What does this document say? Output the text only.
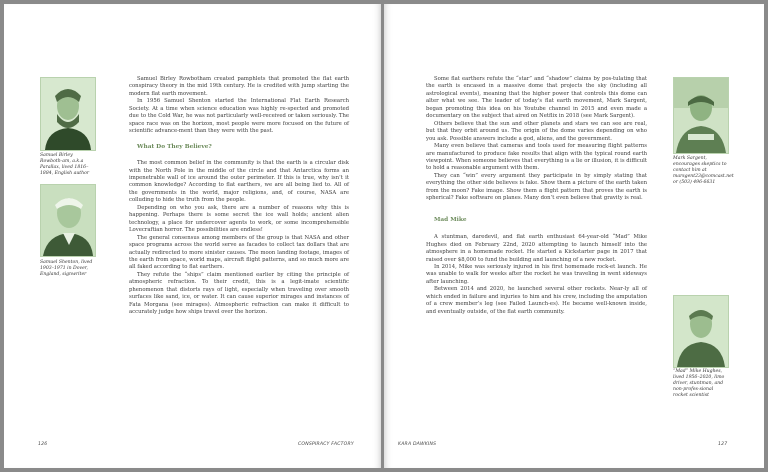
Samuel Birley Rowboth-am, a.k.a Parallax, lived 1816–1884, English author
Samuel Shenton, lived 1903–1971 in Dover, England, signwriter

Samuel Birley Rowbotham created pamphlets that promoted the flat earth conspiracy theory in the mid 19th century. He is credited with jump starting the modern flat earth movement.

In 1956 Samuel Shenton started the International Flat Earth Research Society. At a time when science education was highly re-spected and promoted due to the Cold War, he was not particularly well-received or taken seriously. The space race was on the horizon, most people were more focused on the future of scientific advance-ment than they were with the past.

What Do They Believe?

The most common belief in the community is that the earth is a circular disk with the North Pole in the middle of the circle and that Antarctica forms an impenetrable wall of ice around the outer perimeter. If this is true, why isn’t it common knowledge? According to flat earthers, we are all being lied to. All of the governments in the world, major religions, and, of course, NASA are colluding to hide the truth from the people.

Depending on who you ask, there are a number of reasons why this is happening. Perhaps there is some secret the ice wall holds; ancient alien technology, a place for undercover agents to work, or some incomprehensible Lovecraftian horror. The possibilities are endless!

The general consensus among members of the group is that NASA and other space programs across the world serve as facades to collect tax dollars that are actually redirected to more sinister causes. The moon landing footage, images of the earth from space, world maps, aircraft flight patterns, and so much more are all faked according to flat earthers.

They refute the “ships” claim mentioned earlier by citing the principle of atmospheric refraction. To their credit, this is a legit-imate scientific phenomenon that distorts rays of light, especially when traveling over smooth surfaces like sand, ice, or water. It can cause superior mirages and instances of Fata Morgana (see mirages). Atmospheric refraction can make it difficult to accurately judge how ships travel over the horizon.

126	CONSPIRACY FACTORY

Some flat earthers refute the “star” and “shadow” claims by pos-tulating that the earth is encased in a massive dome that projects the sky (including all astrological events), meaning that the higher power that controls this dome can alter what we see. The leader of today’s flat earth movement, Mark Sargent, began promoting this idea on his Youtube channel in 2015 and even made a documentary on the subject that aired on Netflix in 2018 (see Mark Sargent).

Others believe that the sun and other planets and stars we can see are real, but that they orbit around us. The origin of the dome varies depending on who you ask. Possible answers include a god, aliens, and the government.

Many even believe that cameras and tools used for measuring flight patterns are manufactured to produce fake results that align with the typical round earth viewpoint. When someone believes that everything is a lie or illusion, it is difficult to hold a reasonable argument with them.

They can “win” every argument they participate in by simply stating that everything the other side believes is fake. Show them a picture of the earth taken from the moon? Fake image. Show them a flight pattern that proves the earth is spherical? Fake software on planes. Many don’t even believe that gravity is real.

Mad Mike

A stuntman, daredevil, and flat earth enthusiast 64-year-old “Mad” Mike Hughes died on February 22nd, 2020 attempting to launch himself into the atmosphere in a homemade rocket. He started a Kickstarter page in 2017 that raised over $8,000 to fund the building and launching of a new rocket.

In 2014, Mike was seriously injured in his first homemade rock-et launch. He was unable to walk for weeks after the rocket he was traveling in went sideways after launching.

Between 2014 and 2020, he launched several other rockets. Near-ly all of which ended in failure and injuries to him and his crew, including the amputation of a crew member’s leg (see Failed Launch-es). He became well-known inside, and eventually outside, of the flat earth community.

Mark Sargent, encourages skeptics to contact him at marsgent23@comcast.net or (503) 496-6631
“Mad” Mike Hughes, lived 1956–2020, limo driver, stuntman, and non-profes-sional rocket scientist
KARA DAWKINS	127
